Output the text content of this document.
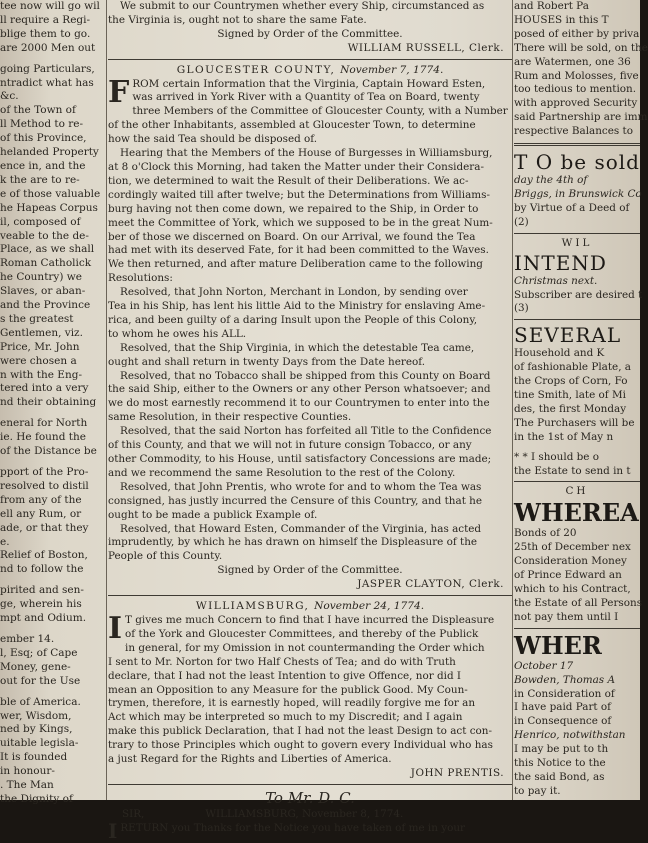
tee now will go wil
ll require a Regi-
blige them to go.
are 2000 Men out

going Particulars,
ntradict what has
&c.
of the Town of
ll Method to re-
of this Province,
helanded Property
ence in, and the
k the are to re-
e of those valuable
he Hapeas Corpus
il, composed of
veable to the de-
Place, as we shall
Roman Catholick
he Country) we
Slaves, or aban-
and the Province
s the greatest
Gentlemen, viz.
Price, Mr. John
were chosen a
n with the Eng-
tered into a very
nd their obtaining

eneral for North
ie. He found the
of the Distance be

pport of the Pro-
resolved to distil
from any of the
ell any Rum, or
ade, or that they
e.
Relief of Boston,
nd to follow the

pirited and sen-
ge, wherein his
mpt and Odium.

ember 14.
l, Esq; of Cape
Money, gene-
out for the Use

ble of America.
wer, Wisdom,
ned by Kings,
uitable legisla-
It is founded
in honour-
. The Man
the Dignity of
We submit to our Countrymen whether every Ship, circumstanced as
the Virginia is, ought not to share the same Fate.
Signed by Order of the Committee.
WILLIAM RUSSELL, Clerk.
GLOUCESTER COUNTY, November 7, 1774.
F ROM certain Information that the Virginia, Captain Howard Esten,
was arrived in York River with a Quantity of Tea on Board, twenty
three Members of the Committee of Gloucester County, with a Number
of the other Inhabitants, assembled at Gloucester Town, to determine
how the said Tea should be disposed of.
Hearing that the Members of the House of Burgesses in Williamsburg,
at 8 o'Clock this Morning, had taken the Matter under their Considera-
tion, we determined to wait the Result of their Deliberations. We ac-
cordingly waited till after twelve; but the Determinations from Williams-
burg having not then come down, we repaired to the Ship, in Order to
meet the Committee of York, which we supposed to be in the great Num-
ber of those we discerned on Board. On our Arrival, we found the Tea
had met with its deserved Fate, for it had been committed to the Waves.
We then returned, and after mature Deliberation came to the following
Resolutions:
Resolved, that John Norton, Merchant in London, by sending over
Tea in his Ship, has lent his little Aid to the Ministry for enslaving Ame-
rica, and been guilty of a daring Insult upon the People of this Colony,
to whom he owes his ALL.
Resolved, that the Ship Virginia, in which the detestable Tea came,
ought and shall return in twenty Days from the Date hereof.
Resolved, that no Tobacco shall be shipped from this County on Board
the said Ship, either to the Owners or any other Person whatsoever; and
we do most earnestly recommend it to our Countrymen to enter into the
same Resolution, in their respective Counties.
Resolved, that the said Norton has forfeited all Title to the Confidence
of this County, and that we will not in future consign Tobacco, or any
other Commodity, to his House, until satisfactory Concessions are made;
and we recommend the same Resolution to the rest of the Colony.
Resolved, that John Prentis, who wrote for and to whom the Tea was
consigned, has justly incurred the Censure of this Country, and that he
ought to be made a publick Example of.
Resolved, that Howard Esten, Commander of the Virginia, has acted
imprudently, by which he has drawn on himself the Displeasure of the
People of this County.
Signed by Order of the Committee.
JASPER CLAYTON, Clerk.
WILLIAMSBURG, November 24, 1774.
I T gives me much Concern to find that I have incurred the Displeasure
of the York and Gloucester Committees, and thereby of the Publick
in general, for my Omission in not countermanding the Order which
I sent to Mr. Norton for two Half Chests of Tea; and do with Truth
declare, that I had not the least Intention to give Offence, nor did I
mean an Opposition to any Measure for the publick Good. My Coun-
trymen, therefore, it is earnestly hoped, will readily forgive me for an
Act which may be interpreted so much to my Discredit; and I again
make this publick Declaration, that I had not the least Design to act con-
trary to those Principles which ought to govern every Individual who has
a just Regard for the Rights and Liberties of America.
JOHN PRENTIS.
To Mr. D. C.
SIR,	WILLIAMSBURG, November 8, 1774.
I RETURN you Thanks for the Notice you have taken of me in your
and Robert Pa
HOUSES in this T
posed of either by priva
There will be sold, on the
are Watermen, one 36
Rum and Molosses, five
too tedious to mention.
with approved Security
said Partnership are imm
respective Balances to
T O be sold
day the 4th of
Briggs, in Brunswick Co
by Virtue of a Deed of
(2)
WIL
INTEND
Christmas next.
Subscriber are desired t
(3)
SEVERAL
Household and K
of fashionable Plate, a
the Crops of Corn, Fo
tine Smith, late of Mi
des, the first Monday
The Purchasers will be
in the 1st of May n
* * I should be o
the Estate to send in t
CH
WHEREA
Bonds of 20
25th of December nex
Consideration Money
of Prince Edward an
which to his Contract,
the Estate of all Persons
not pay them until I
WHER
October 17
Bowden, Thomas A
in Consideration of
I have paid Part of
in Consequence of
Henrico, notwithstan
I may be put to th
this Notice to the
the said Bond, as
to pay it.
